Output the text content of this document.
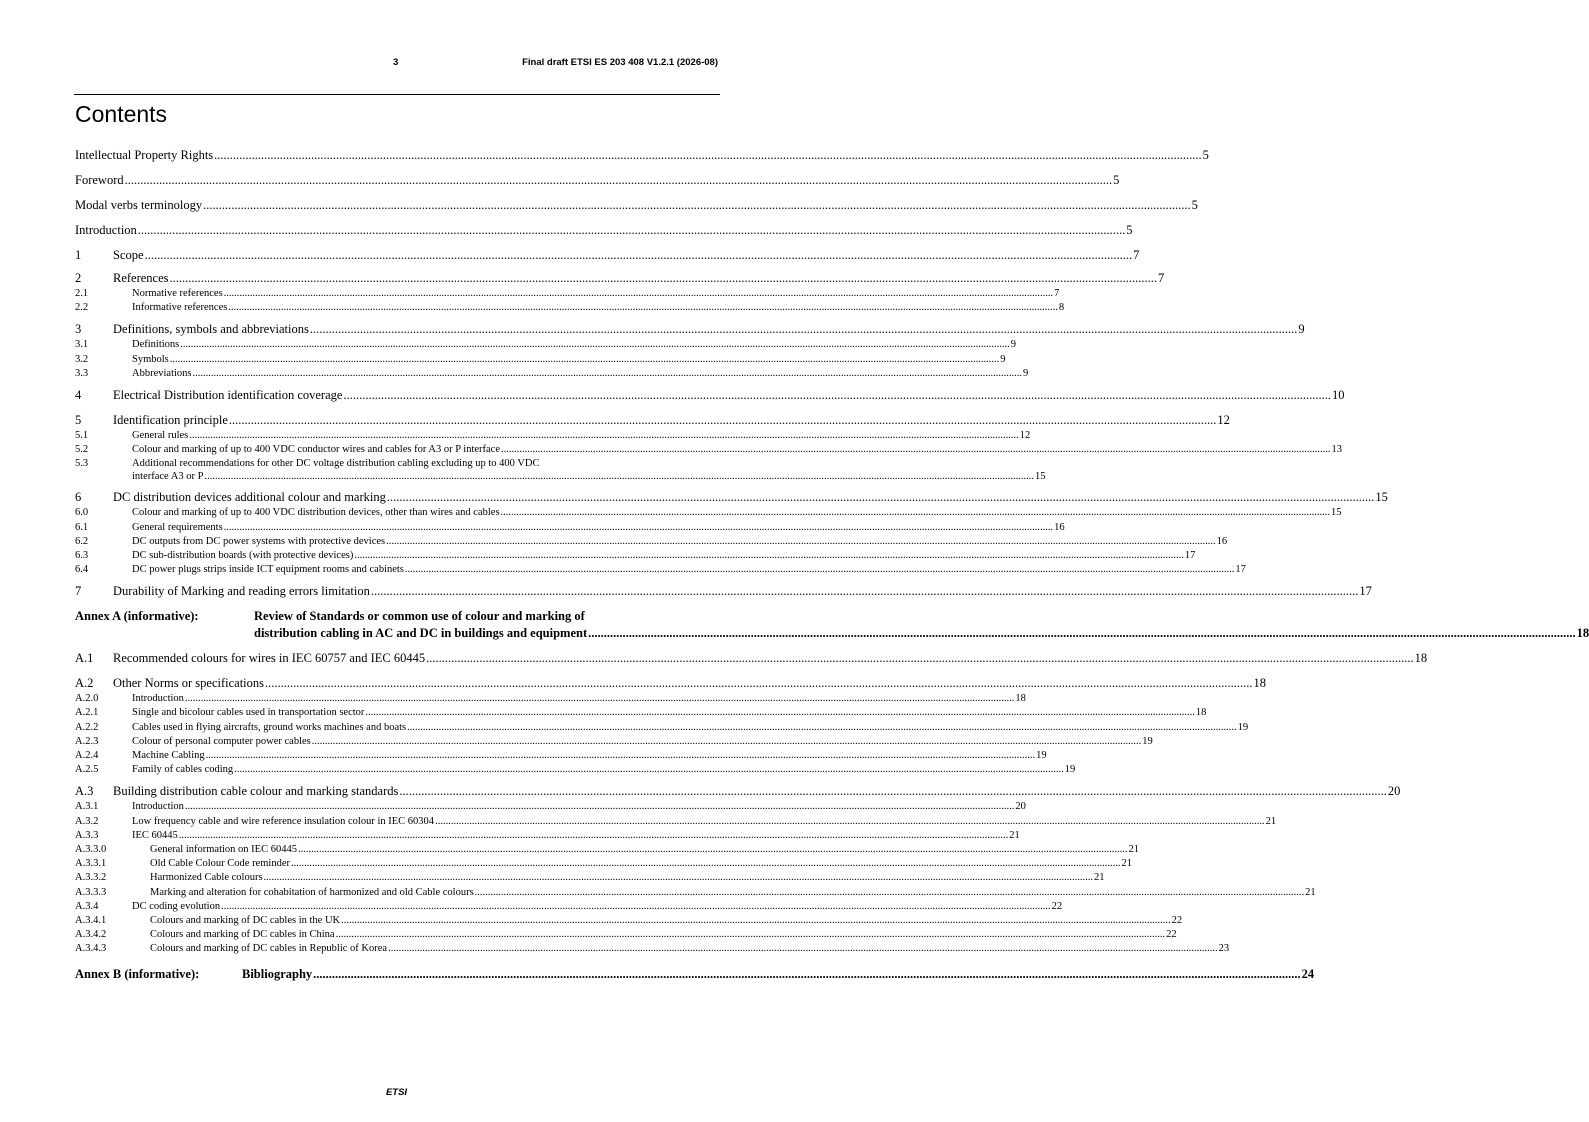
3	Final draft ETSI ES 203 408 V1.2.1 (2026-08)
Contents
Intellectual Property Rights .....	5
Foreword .....	5
Modal verbs terminology .....	5
Introduction .....	5
1	Scope .....	7
2	References .....	7
2.1	Normative references .....	7
2.2	Informative references .....	8
3	Definitions, symbols and abbreviations .....	9
3.1	Definitions .....	9
3.2	Symbols .....	9
3.3	Abbreviations .....	9
4	Electrical Distribution identification coverage .....	10
5	Identification principle .....	12
5.1	General rules .....	12
5.2	Colour and marking of up to 400 VDC conductor wires and cables for A3 or P interface .....	13
5.3	Additional recommendations for other DC voltage distribution cabling excluding up to 400 VDC
interface A3 or P .....	15
6	DC distribution devices additional colour and marking .....	15
6.0	Colour and marking of up to 400 VDC distribution devices, other than wires and cables .....	15
6.1	General requirements .....	16
6.2	DC outputs from DC power systems with protective devices .....	16
6.3	DC sub-distribution boards (with protective devices) .....	17
6.4	DC power plugs strips inside ICT equipment rooms and cabinets .....	17
7	Durability of Marking and reading errors limitation .....	17
Annex A (informative):	Review of Standards or common use of colour and marking of
distribution cabling in AC and DC in buildings and equipment .....	18
A.1	Recommended colours for wires in IEC 60757 and IEC 60445 .....	18
A.2	Other Norms or specifications .....	18
A.2.0	Introduction .....	18
A.2.1	Single and bicolour cables used in transportation sector .....	18
A.2.2	Cables used in flying aircrafts, ground works machines and boats .....	19
A.2.3	Colour of personal computer power cables .....	19
A.2.4	Machine Cabling .....	19
A.2.5	Family of cables coding .....	19
A.3	Building distribution cable colour and marking standards .....	20
A.3.1	Introduction .....	20
A.3.2	Low frequency cable and wire reference insulation colour in IEC 60304 .....	21
A.3.3	IEC 60445 .....	21
A.3.3.0	General information on IEC 60445 .....	21
A.3.3.1	Old Cable Colour Code reminder .....	21
A.3.3.2	Harmonized Cable colours .....	21
A.3.3.3	Marking and alteration for cohabitation of harmonized and old Cable colours .....	21
A.3.4	DC coding evolution .....	22
A.3.4.1	Colours and marking of DC cables in the UK .....	22
A.3.4.2	Colours and marking of DC cables in China .....	22
A.3.4.3	Colours and marking of DC cables in Republic of Korea .....	23
Annex B (informative):	Bibliography .....	24
ETSI
